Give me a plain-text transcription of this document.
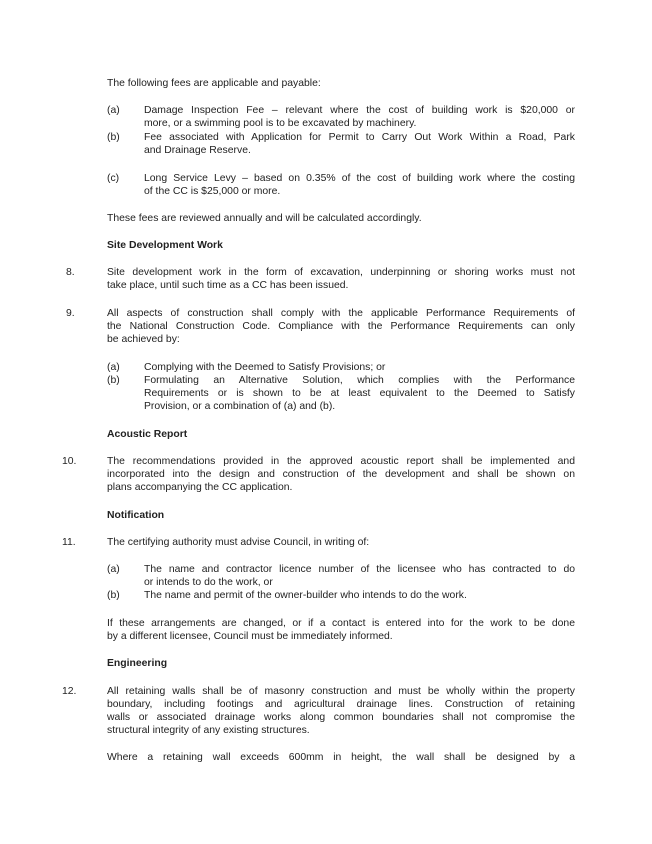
The following fees are applicable and payable:
(a) Damage Inspection Fee – relevant where the cost of building work is $20,000 or
more, or a swimming pool is to be excavated by machinery.
(b) Fee associated with Application for Permit to Carry Out Work Within a Road, Park
and Drainage Reserve.
(c) Long Service Levy – based on 0.35% of the cost of building work where the costing
of the CC is $25,000 or more.
These fees are reviewed annually and will be calculated accordingly.
Site Development Work
8.	Site development work in the form of excavation, underpinning or shoring works must not
take place, until such time as a CC has been issued.
9.	All aspects of construction shall comply with the applicable Performance Requirements of
the National Construction Code. Compliance with the Performance Requirements can only
be achieved by:
(a) Complying with the Deemed to Satisfy Provisions; or
(b) Formulating an Alternative Solution, which complies with the Performance
Requirements or is shown to be at least equivalent to the Deemed to Satisfy
Provision, or a combination of (a) and (b).
Acoustic Report
10.	The recommendations provided in the approved acoustic report shall be implemented and
incorporated into the design and construction of the development and shall be shown on
plans accompanying the CC application.
Notification
11.	The certifying authority must advise Council, in writing of:
(a) The name and contractor licence number of the licensee who has contracted to do
or intends to do the work, or
(b) The name and permit of the owner-builder who intends to do the work.
If these arrangements are changed, or if a contact is entered into for the work to be done
by a different licensee, Council must be immediately informed.
Engineering
12.	All retaining walls shall be of masonry construction and must be wholly within the property
boundary, including footings and agricultural drainage lines. Construction of retaining
walls or associated drainage works along common boundaries shall not compromise the
structural integrity of any existing structures.
Where a retaining wall exceeds 600mm in height, the wall shall be designed by a
